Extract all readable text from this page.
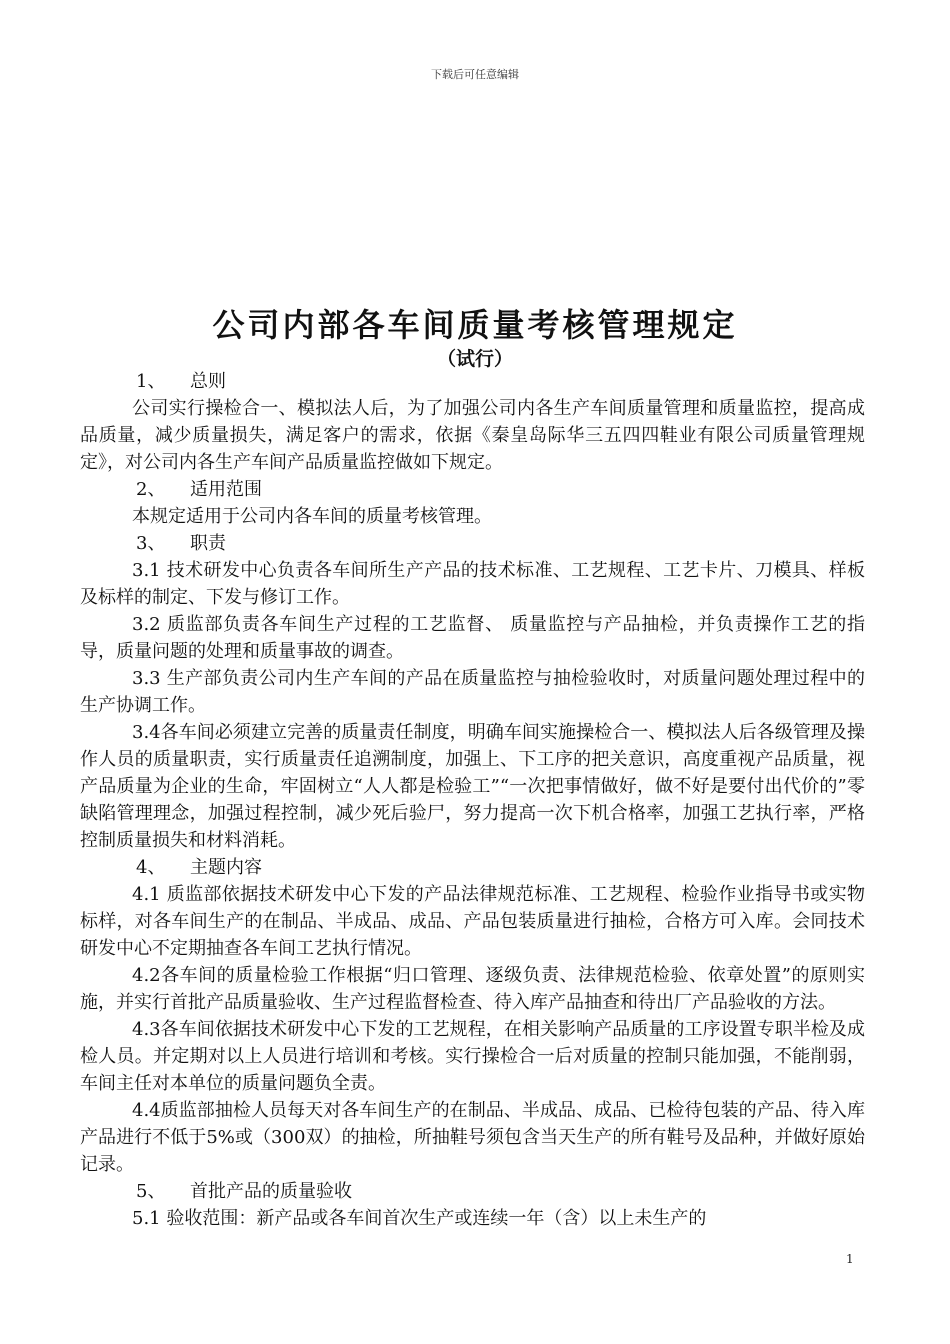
下载后可任意编辑
公司内部各车间质量考核管理规定
（试行）

1、 总则

公司实行操检合一、模拟法人后，为了加强公司内各生产车间质量管理和质量监控，提高成品质量，减少质量损失，满足客户的需求，依据《秦皇岛际华三五四四鞋业有限公司质量管理规定》，对公司内各生产车间产品质量监控做如下规定。

2、 适用范围

本规定适用于公司内各车间的质量考核管理。

3、 职责

3.1 技术研发中心负责各车间所生产产品的技术标准、工艺规程、工艺卡片、刀模具、样板及标样的制定、下发与修订工作。

3.2 质监部负责各车间生产过程的工艺监督、 质量监控与产品抽检，并负责操作工艺的指导，质量问题的处理和质量事故的调查。

3.3 生产部负责公司内生产车间的产品在质量监控与抽检验收时，对质量问题处理过程中的生产协调工作。

3.4各车间必须建立完善的质量责任制度，明确车间实施操检合一、模拟法人后各级管理及操作人员的质量职责，实行质量责任追溯制度，加强上、下工序的把关意识，高度重视产品质量，视产品质量为企业的生命，牢固树立“人人都是检验工”“一次把事情做好，做不好是要付出代价的”零缺陷管理理念，加强过程控制，减少死后验尸，努力提高一次下机合格率，加强工艺执行率，严格控制质量损失和材料消耗。

4、 主题内容

4.1 质监部依据技术研发中心下发的产品法律规范标准、工艺规程、检验作业指导书或实物标样，对各车间生产的在制品、半成品、成品、产品包装质量进行抽检，合格方可入库。会同技术研发中心不定期抽查各车间工艺执行情况。

4.2各车间的质量检验工作根据“归口管理、逐级负责、法律规范检验、依章处置”的原则实施，并实行首批产品质量验收、生产过程监督检查、待入库产品抽查和待出厂产品验收的方法。

4.3各车间依据技术研发中心下发的工艺规程，在相关影响产品质量的工序设置专职半检及成检人员。并定期对以上人员进行培训和考核。实行操检合一后对质量的控制只能加强，不能削弱，车间主任对本单位的质量问题负全责。

4.4质监部抽检人员每天对各车间生产的在制品、半成品、成品、已检待包装的产品、待入库产品进行不低于5%或（300双）的抽检，所抽鞋号须包含当天生产的所有鞋号及品种，并做好原始记录。

5、 首批产品的质量验收

5.1 验收范围：新产品或各车间首次生产或连续一年（含）以上未生产的

1
